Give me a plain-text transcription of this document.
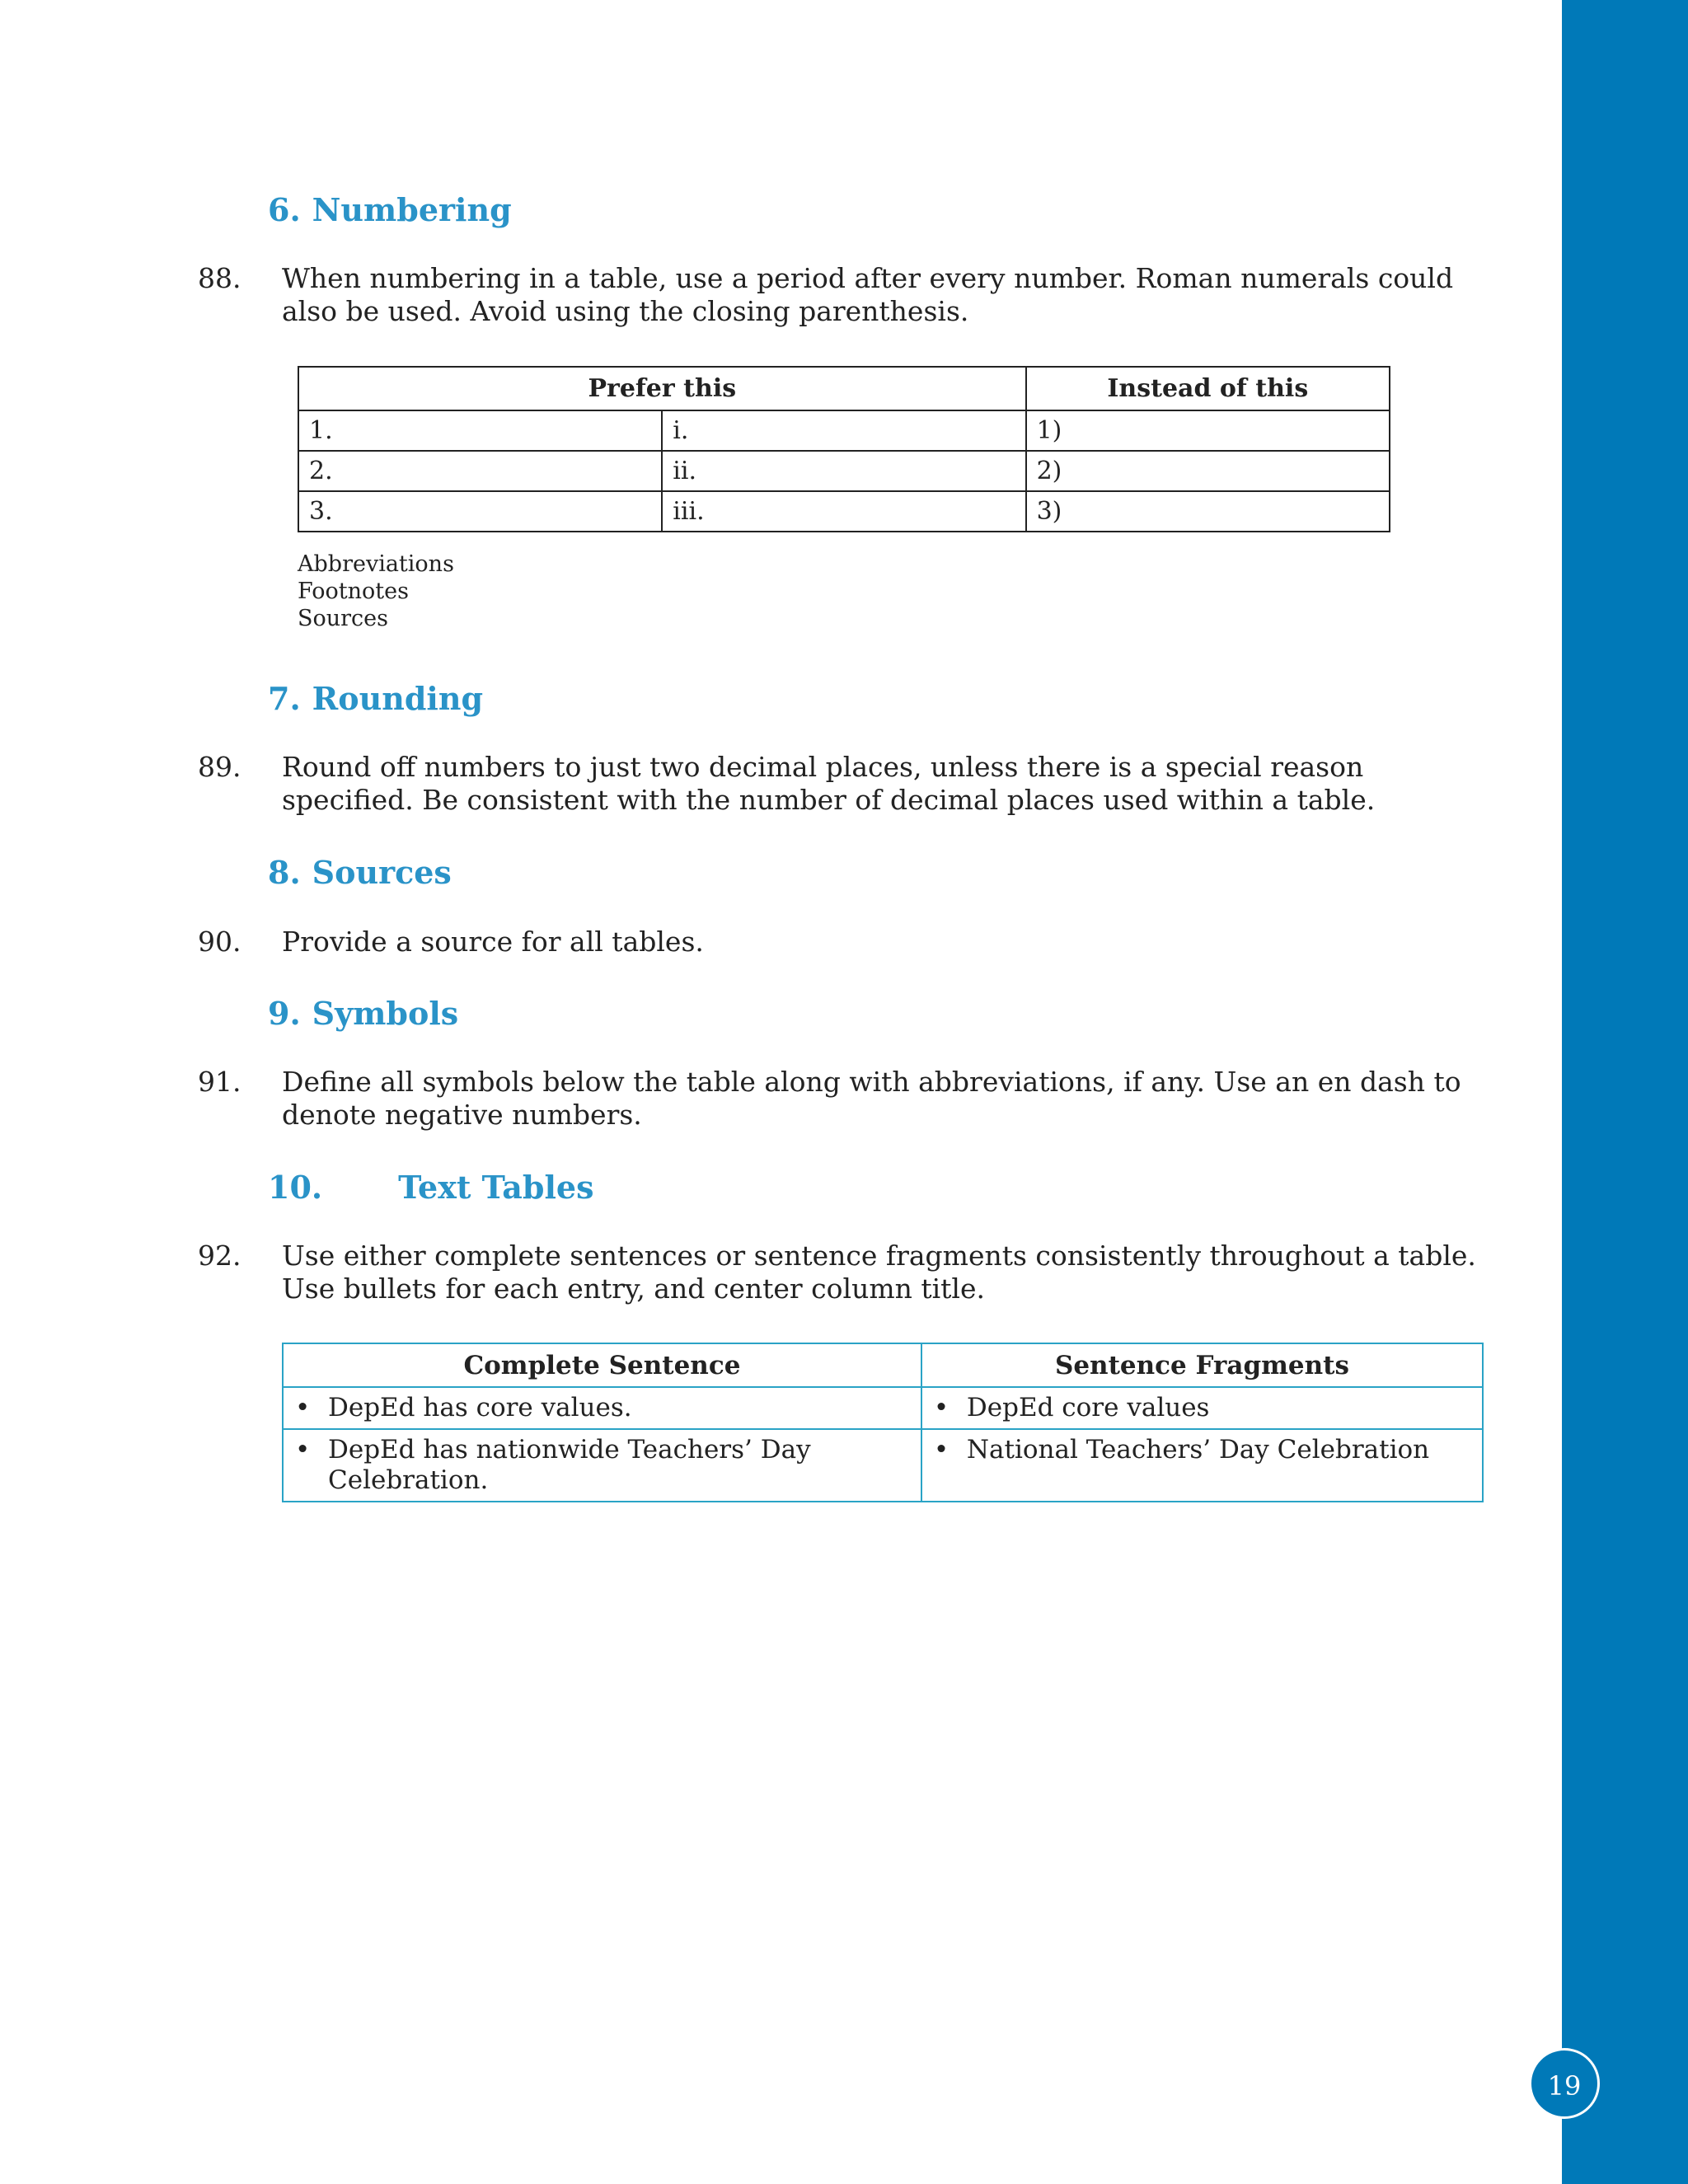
19
6. Numbering
88. When numbering in a table, use a period after every number. Roman numerals could also be used. Avoid using the closing parenthesis.
Prefer this		Instead of this
1.	i.	1)
2.	ii.	2)
3.	iii.	3)
Abbreviations
Footnotes
Sources
7. Rounding
89. Round off numbers to just two decimal places, unless there is a special reason specified. Be consistent with the number of decimal places used within a table.
8. Sources
90. Provide a source for all tables.
9. Symbols
91. Define all symbols below the table along with abbreviations, if any. Use an en dash to denote negative numbers.
10. Text Tables
92. Use either complete sentences or sentence fragments consistently throughout a table. Use bullets for each entry, and center column title.
Complete Sentence	Sentence Fragments

• DepEd has core values.	• DepEd core values

• DepEd has nationwide Teachers’ Day Celebration.	• National Teachers’ Day Celebration
